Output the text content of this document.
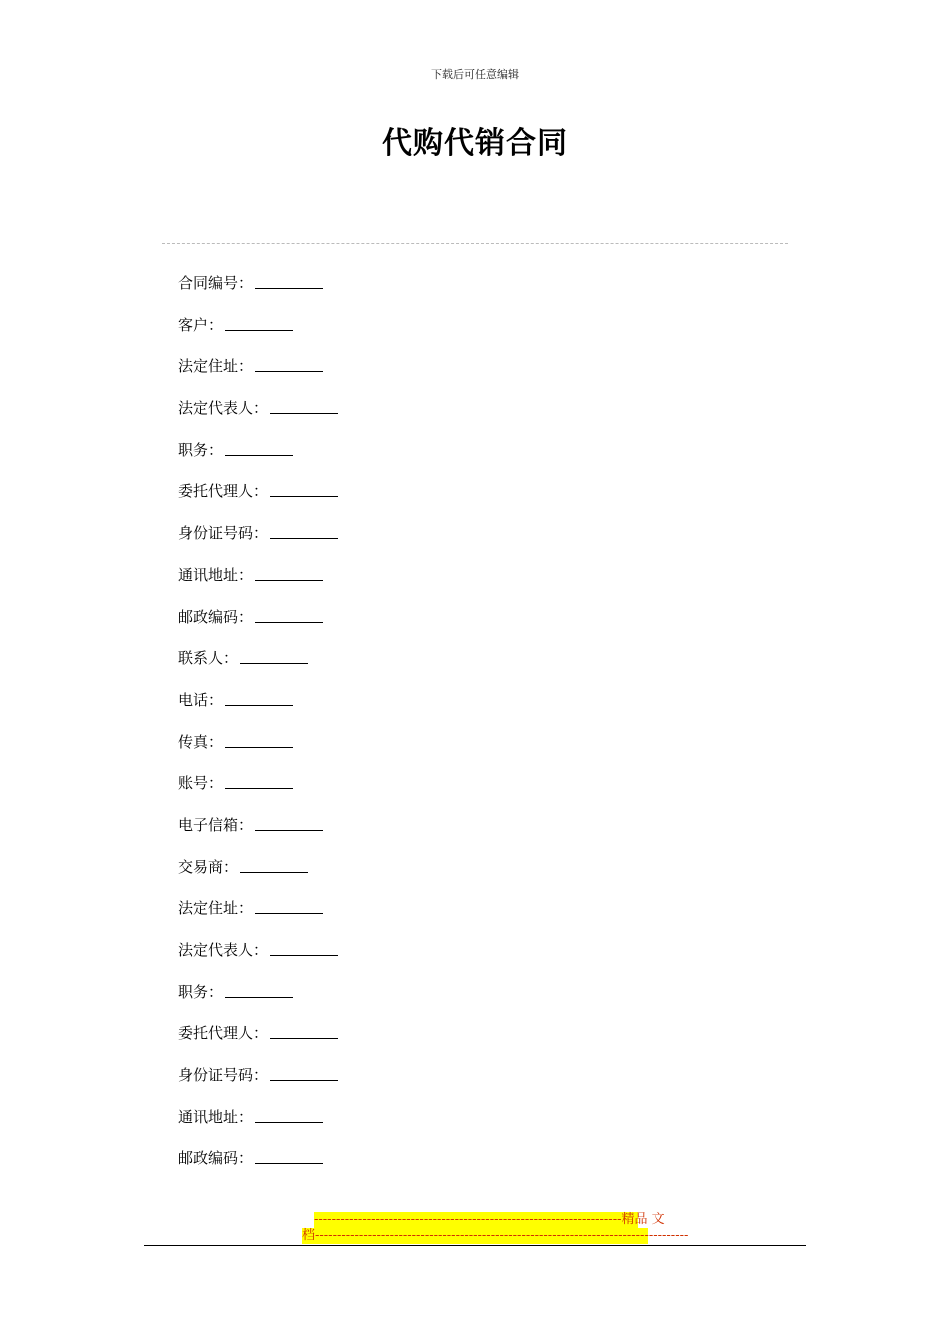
下载后可任意编辑
代购代销合同
合同编号：
客户：
法定住址：
法定代表人：
职务：
委托代理人：
身份证号码：
通讯地址：
邮政编码：
联系人：
电话：
传真：
账号：
电子信箱：
交易商：
法定住址：
法定代表人：
职务：
委托代理人：
身份证号码：
通讯地址：
邮政编码：
----------------------------------------------------------------------精品 文
档-------------------------------------------------------------------------------------
